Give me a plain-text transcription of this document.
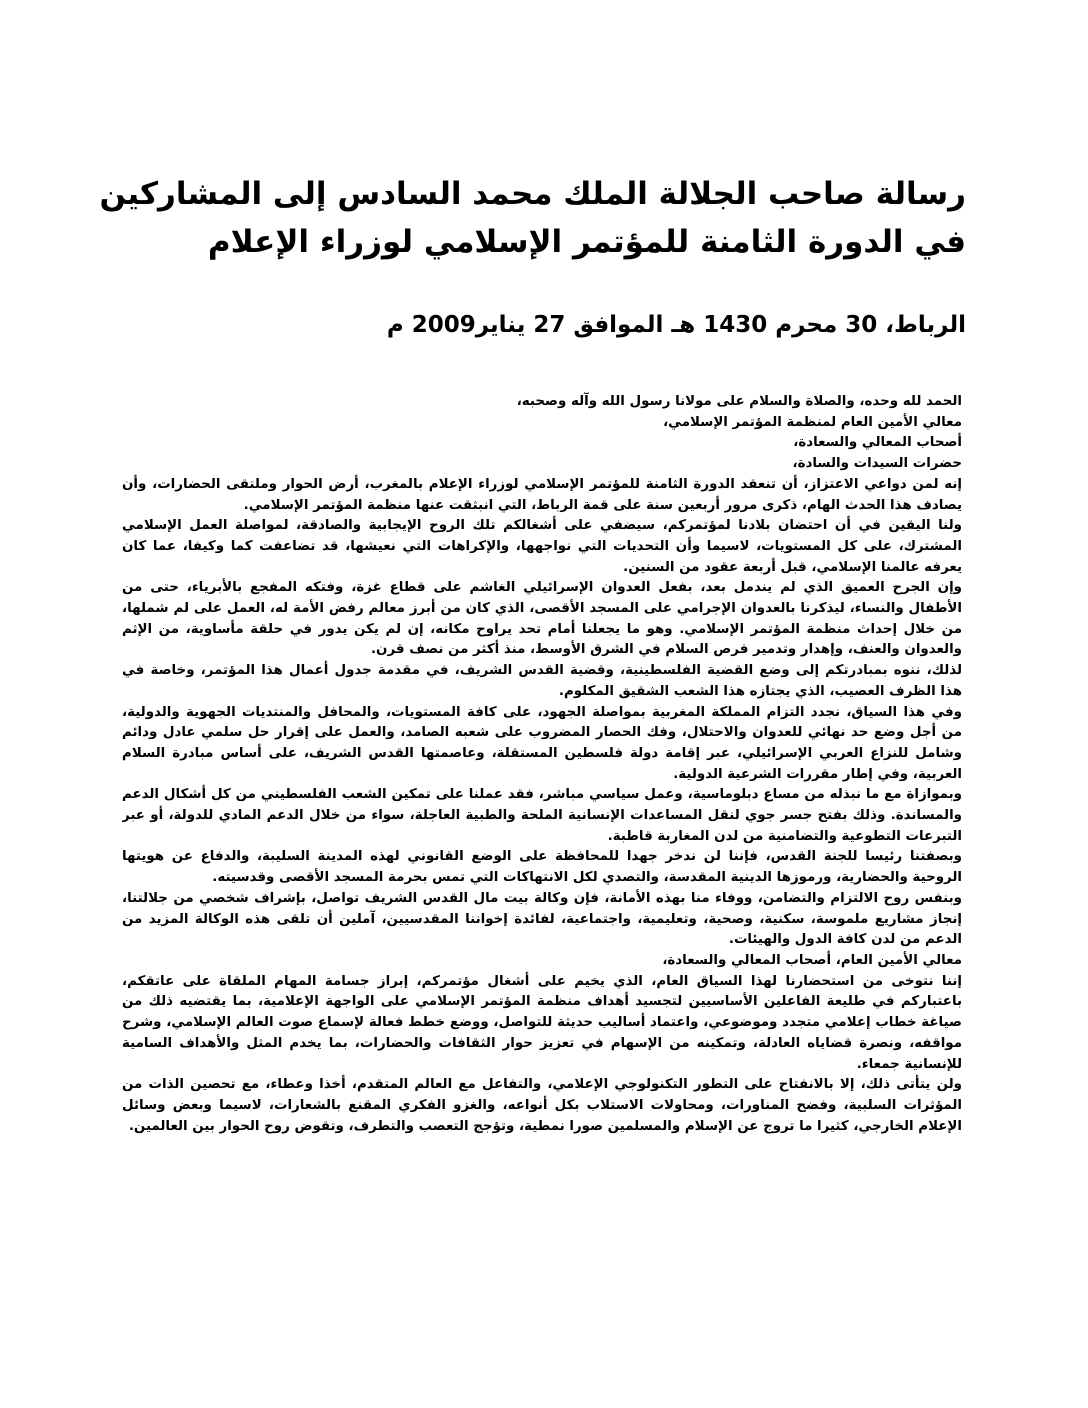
رسالة صاحب الجلالة الملك محمد السادس إلى المشاركين
في الدورة الثامنة للمؤتمر الإسلامي لوزراء الإعلام
الرباط، 30 محرم 1430 هـ الموافق 27 يناير2009 م

الحمد لله وحده، والصلاة والسلام على مولانا رسول الله وآله وصحبه،

معالي الأمين العام لمنظمة المؤتمر الإسلامي،

أصحاب المعالي والسعادة،

حضرات السيدات والسادة،

إنه لمن دواعي الاعتزاز، أن تنعقد الدورة الثامنة للمؤتمر الإسلامي لوزراء الإعلام بالمغرب، أرض الحوار وملتقى الحضارات، وأن يصادف هذا الحدث الهام، ذكرى مرور أربعين سنة على قمة الرباط، التي انبثقت عنها منظمة المؤتمر الإسلامي.

ولنا اليقين في أن احتضان بلادنا لمؤتمركم، سيضفي على أشغالكم تلك الروح الإيجابية والصادقة، لمواصلة العمل الإسلامي المشترك، على كل المستويات، لاسيما وأن التحديات التي نواجهها، والإكراهات التي نعيشها، قد تضاعفت كما وكيفا، عما كان يعرفه عالمنا الإسلامي، قبل أربعة عقود من السنين.

وإن الجرح العميق الذي لم يندمل بعد، بفعل العدوان الإسرائيلي الغاشم على قطاع غزة، وفتكه المفجع بالأبرياء، حتى من الأطفال والنساء، ليذكرنا بالعدوان الإجرامي على المسجد الأقصى، الذي كان من أبرز معالم رفض الأمة له، العمل على لم شملها، من خلال إحداث منظمة المؤتمر الإسلامي. وهو ما يجعلنا أمام تحد يراوح مكانه، إن لم يكن يدور في حلقة مأساوية، من الإثم والعدوان والعنف، وإهدار وتدمير فرص السلام في الشرق الأوسط، منذ أكثر من نصف قرن.

لذلك، ننوه بمبادرتكم إلى وضع القضية الفلسطينية، وقضية القدس الشريف، في مقدمة جدول أعمال هذا المؤتمر، وخاصة في هذا الظرف العصيب، الذي يجتازه هذا الشعب الشقيق المكلوم.

وفي هذا السياق، نجدد التزام المملكة المغربية بمواصلة الجهود، على كافة المستويات، والمحافل والمنتديات الجهوية والدولية، من أجل وضع حد نهائي للعدوان والاحتلال، وفك الحصار المضروب على شعبه الصامد، والعمل على إقرار حل سلمي عادل ودائم وشامل للنزاع العربي الإسرائيلي، عبر إقامة دولة فلسطين المستقلة، وعاصمتها القدس الشريف، على أساس مبادرة السلام العربية، وفي إطار مقررات الشرعية الدولية.

وبموازاة مع ما نبذله من مساع دبلوماسية، وعمل سياسي مباشر، فقد عملنا على تمكين الشعب الفلسطيني من كل أشكال الدعم والمساندة. وذلك بفتح جسر جوي لنقل المساعدات الإنسانية الملحة والطبية العاجلة، سواء من خلال الدعم المادي للدولة، أو عبر التبرعات التطوعية والتضامنية من لدن المغاربة قاطبة.

وبصفتنا رئيسا للجنة القدس، فإننا لن ندخر جهدا للمحافظة على الوضع القانوني لهذه المدينة السليبة، والدفاع عن هويتها الروحية والحضارية، ورموزها الدينية المقدسة، والتصدي لكل الانتهاكات التي تمس بحرمة المسجد الأقصى وقدسيته.

وبنفس روح الالتزام والتضامن، ووفاء منا بهذه الأمانة، فإن وكالة بيت مال القدس الشريف تواصل، بإشراف شخصي من جلالتنا، إنجاز مشاريع ملموسة، سكنية، وصحية، وتعليمية، واجتماعية، لفائدة إخواننا المقدسيين، آملين أن تلقى هذه الوكالة المزيد من الدعم من لدن كافة الدول والهيئات.

معالي الأمين العام، أصحاب المعالي والسعادة،

إننا نتوخى من استحضارنا لهذا السياق العام، الذي يخيم على أشغال مؤتمركم، إبراز جسامة المهام الملقاة على عاتقكم، باعتباركم في طليعة الفاعلين الأساسيين لتجسيد أهداف منظمة المؤتمر الإسلامي على الواجهة الإعلامية، بما يقتضيه ذلك من صياغة خطاب إعلامي متجدد وموضوعي، واعتماد أساليب حديثة للتواصل، ووضع خطط فعالة لإسماع صوت العالم الإسلامي، وشرح مواقفه، ونصرة قضاياه العادلة، وتمكينه من الإسهام في تعزيز حوار الثقافات والحضارات، بما يخدم المثل والأهداف السامية للإنسانية جمعاء.

ولن يتأتى ذلك، إلا بالانفتاح على التطور التكنولوجي الإعلامي، والتفاعل مع العالم المتقدم، أخذا وعطاء، مع تحصين الذات من المؤثرات السلبية، وفضح المناورات، ومحاولات الاستلاب بكل أنواعه، والغزو الفكري المقنع بالشعارات، لاسيما وبعض وسائل الإعلام الخارجي، كثيرا ما تروج عن الإسلام والمسلمين صورا نمطية، وتؤجج التعصب والتطرف، وتقوض روح الحوار بين العالمين.
